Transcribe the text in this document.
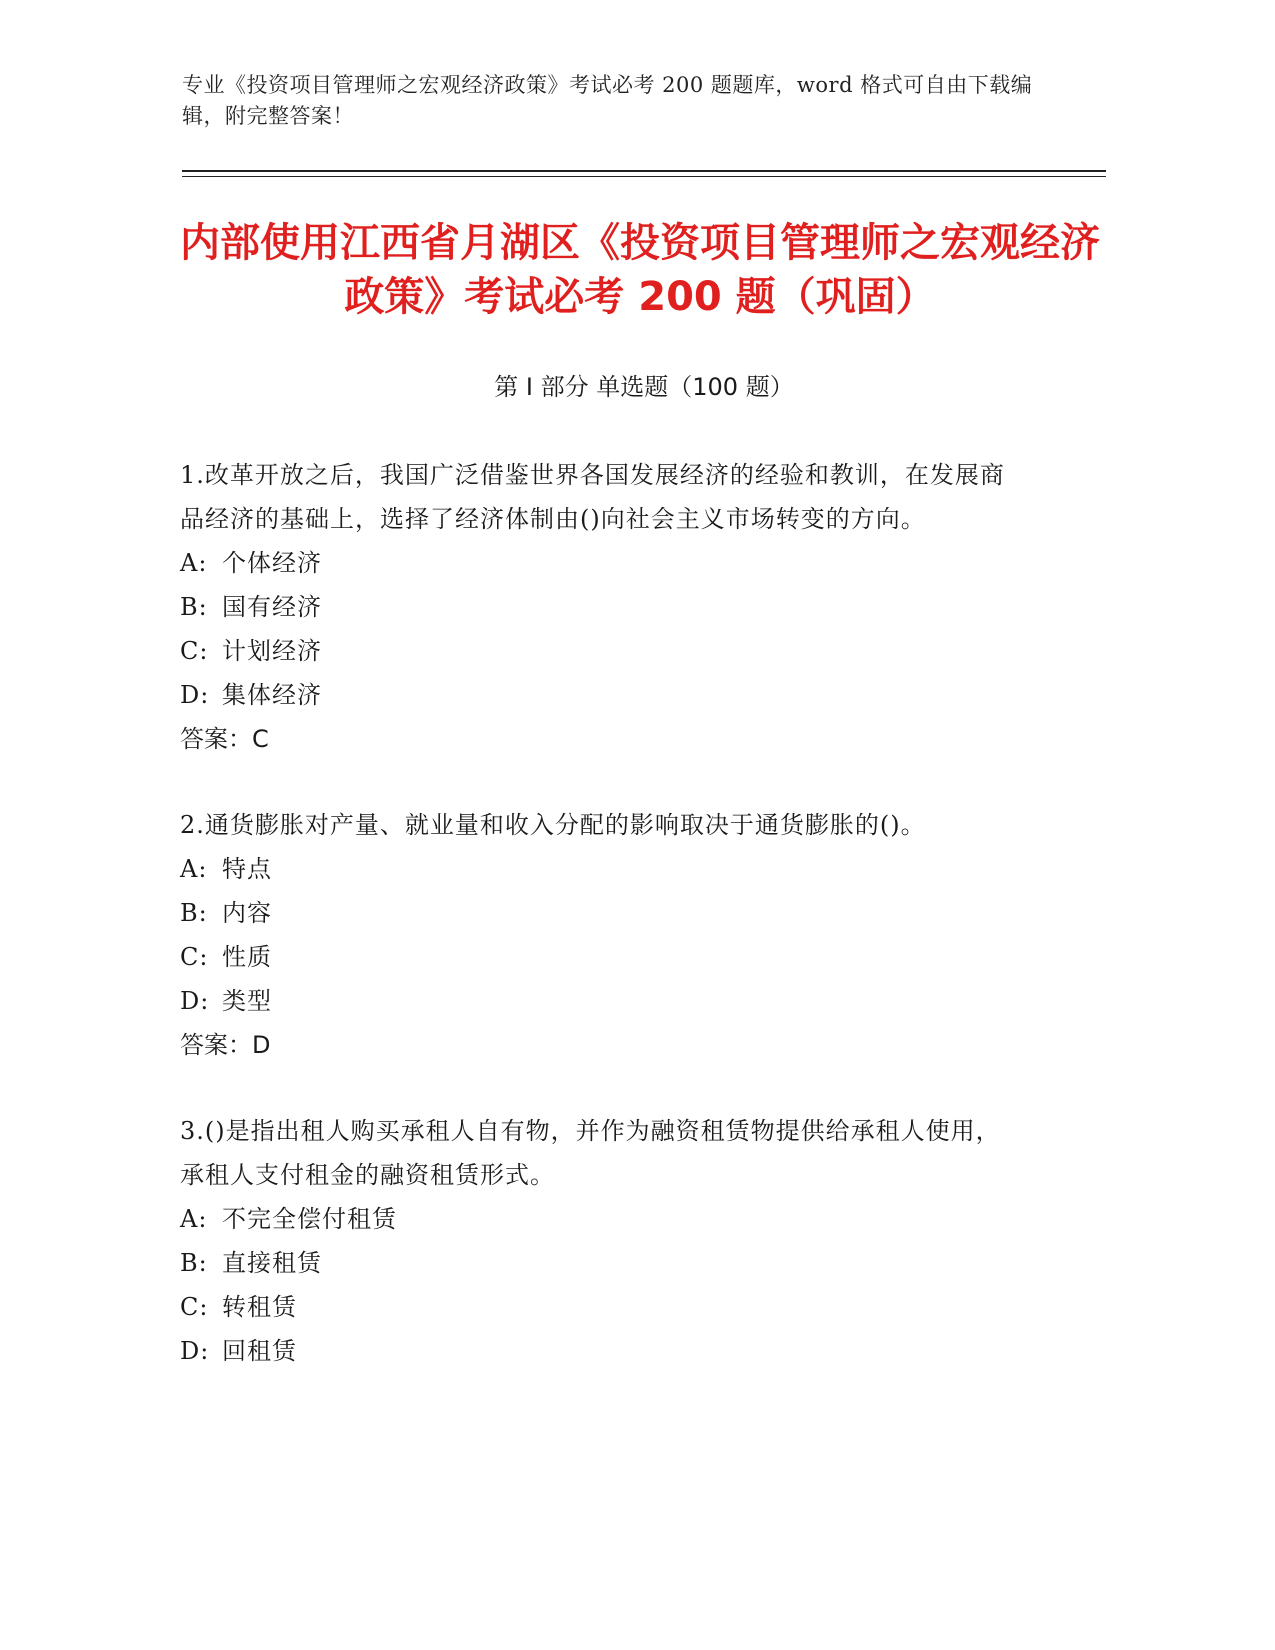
专业《投资项目管理师之宏观经济政策》考试必考 200 题题库，word 格式可自由下载编辑，附完整答案！
内部使用江西省月湖区《投资项目管理师之宏观经济政策》考试必考 200 题（巩固）
第 I 部分 单选题（100 题）
1.改革开放之后，我国广泛借鉴世界各国发展经济的经验和教训，在发展商品经济的基础上，选择了经济体制由()向社会主义市场转变的方向。
A: 个体经济
B: 国有经济
C: 计划经济
D: 集体经济
答案：C
2.通货膨胀对产量、就业量和收入分配的影响取决于通货膨胀的()。
A: 特点
B: 内容
C: 性质
D: 类型
答案：D
3.()是指出租人购买承租人自有物，并作为融资租赁物提供给承租人使用，承租人支付租金的融资租赁形式。
A: 不完全偿付租赁
B: 直接租赁
C: 转租赁
D: 回租赁
